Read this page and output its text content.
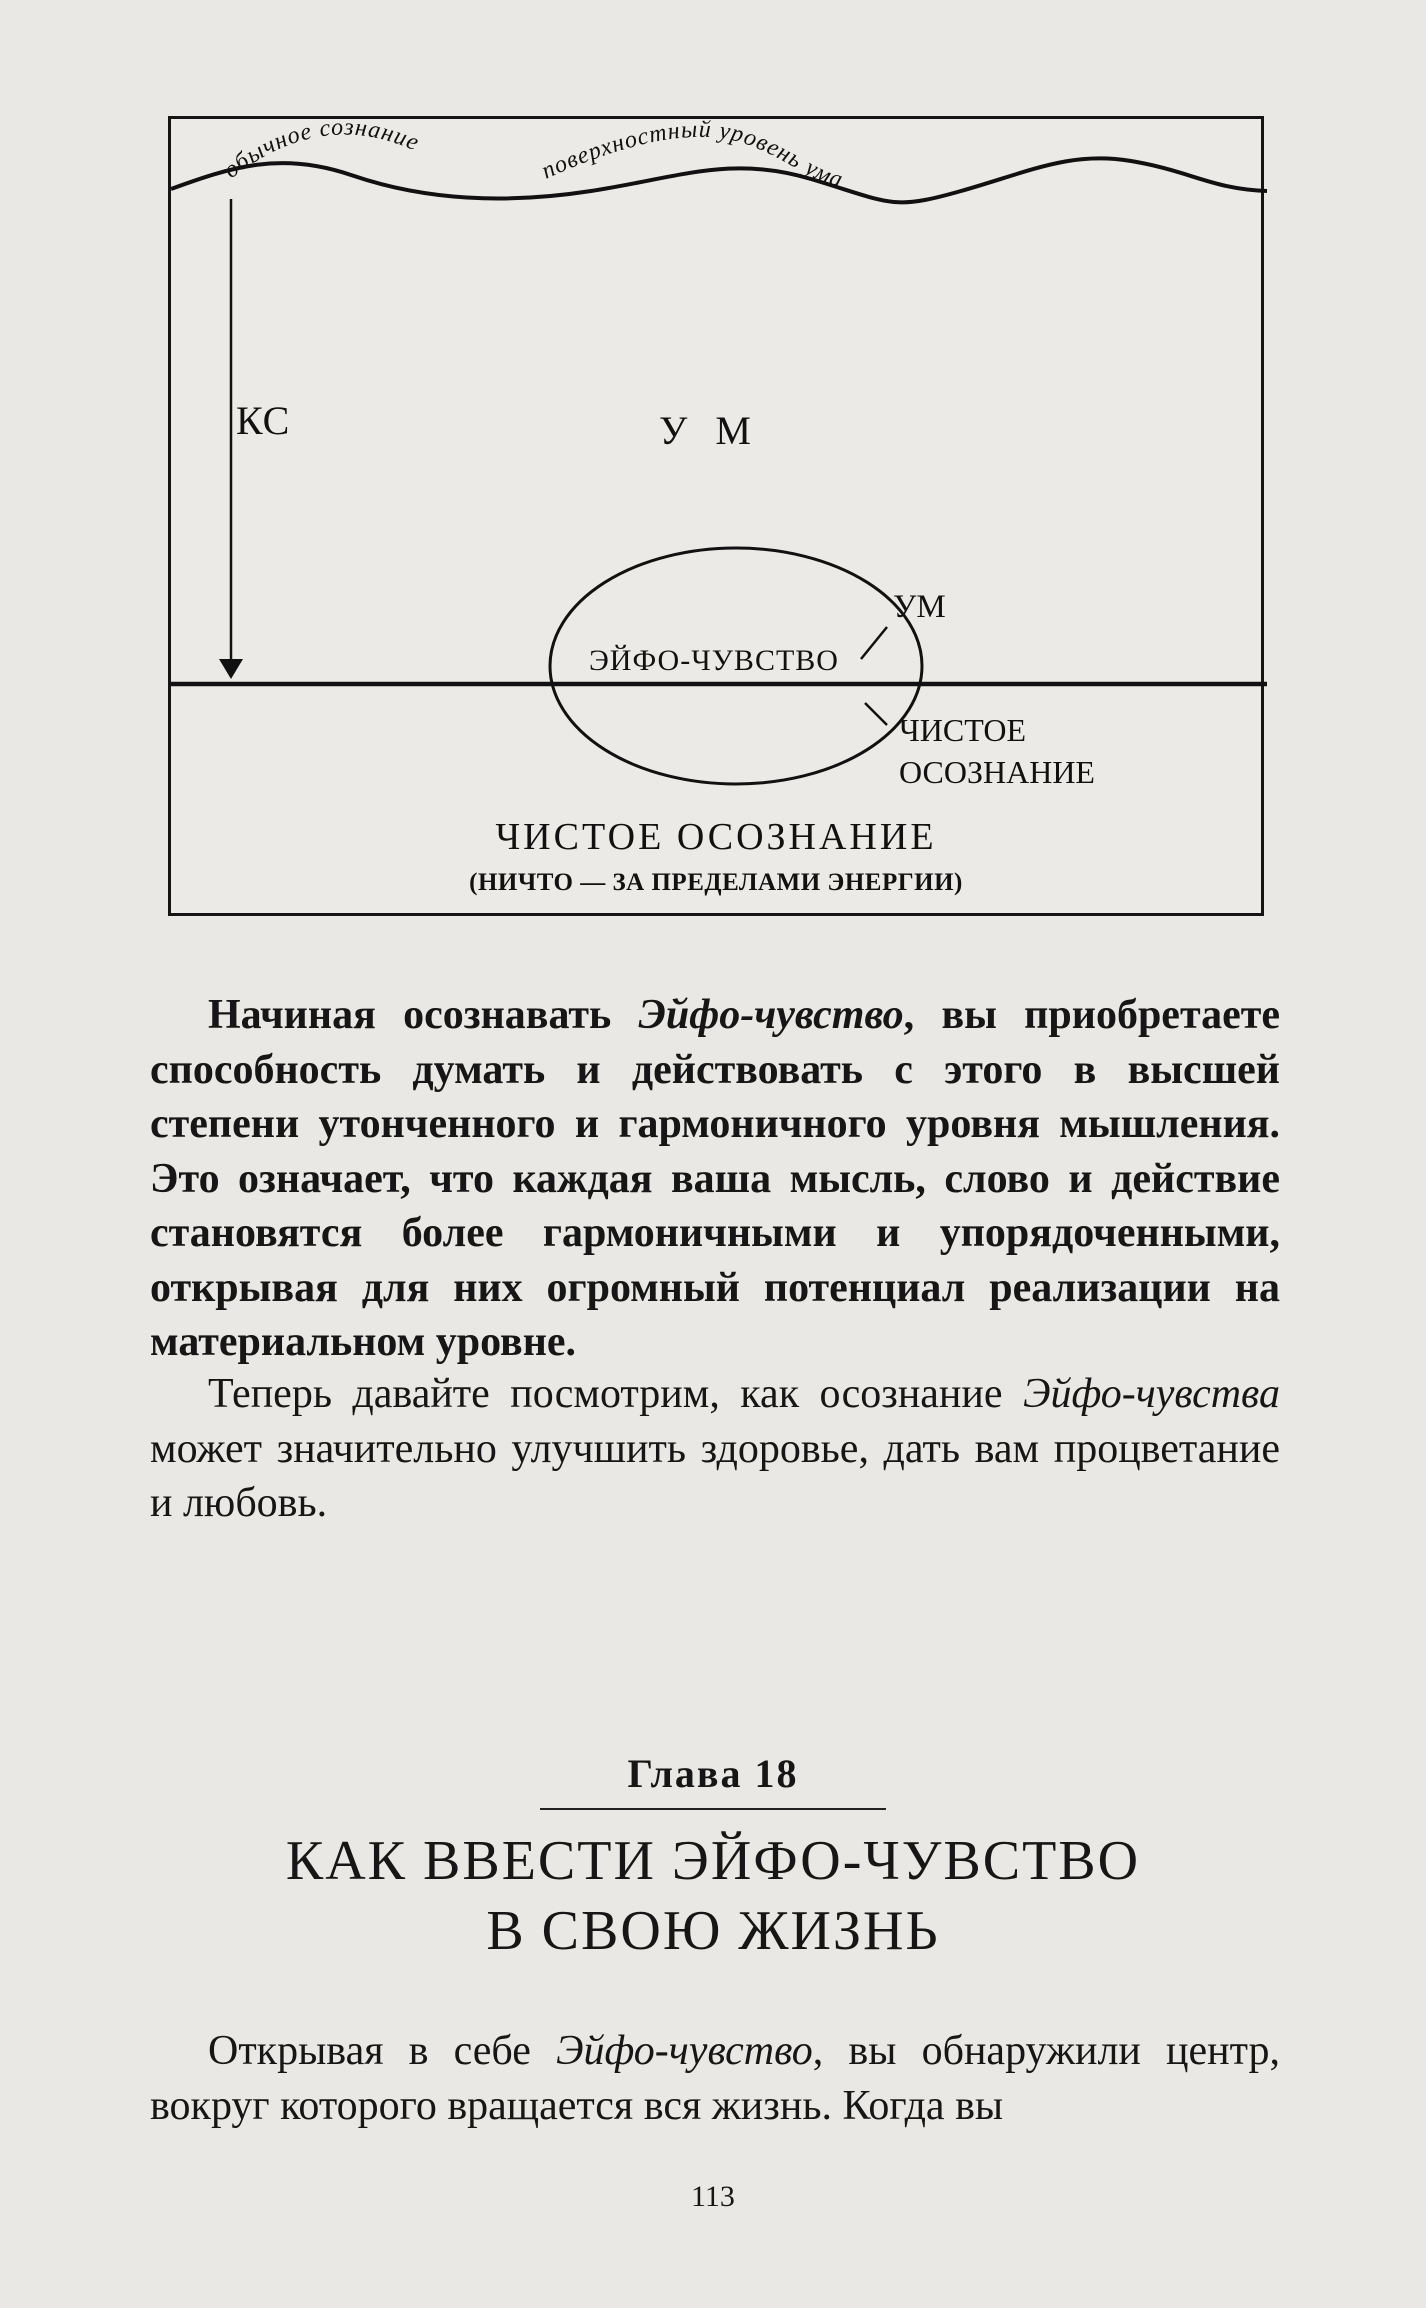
обычное сознание
поверхностный уровень ума
КС	У М
УМ
ЭЙФО-ЧУВСТВО
ЧИСТОЕ
ОСОЗНАНИЕ
ЧИСТОЕ ОСОЗНАНИЕ
(НИЧТО — ЗА ПРЕДЕЛАМИ ЭНЕРГИИ)
Начиная осознавать Эйфо-чувство, вы приобретаете способность думать и действовать с этого в высшей степени утонченного и гармоничного уровня мышления. Это означает, что каждая ваша мысль, слово и действие становятся более гармоничными и упорядоченными, открывая для них огромный потенциал реализации на материальном уровне.
Теперь давайте посмотрим, как осознание Эйфо-чувства может значительно улучшить здоровье, дать вам процветание и любовь.
Глава 18
КАК ВВЕСТИ ЭЙФО-ЧУВСТВО
В СВОЮ ЖИЗНЬ
Открывая в себе Эйфо-чувство, вы обнаружили центр, вокруг которого вращается вся жизнь. Когда вы
113
